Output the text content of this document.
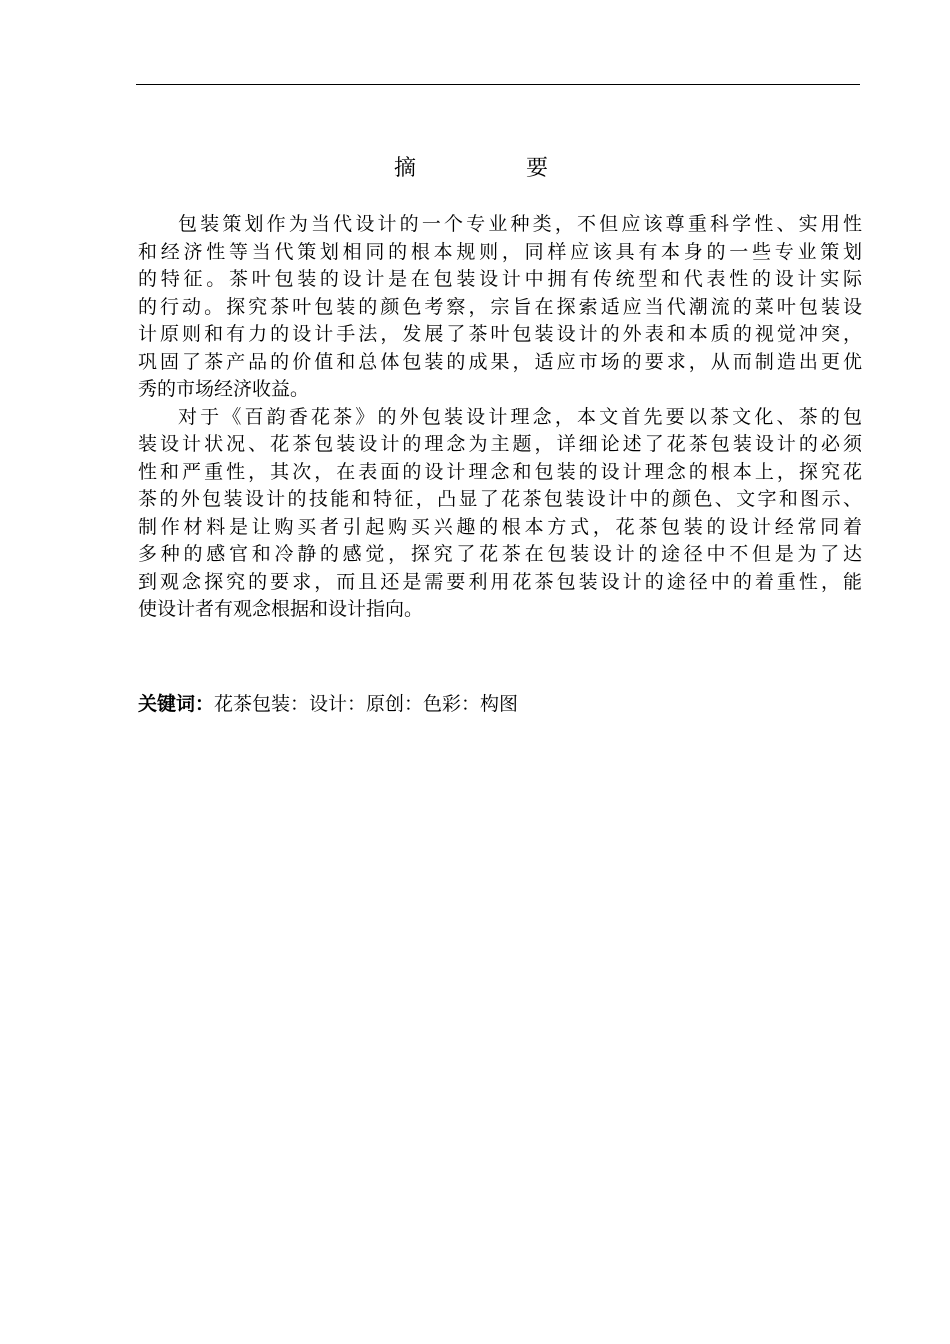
摘　要
包装策划作为当代设计的一个专业种类，不但应该尊重科学性、实用性
和经济性等当代策划相同的根本规则，同样应该具有本身的一些专业策划
的特征。茶叶包装的设计是在包装设计中拥有传统型和代表性的设计实际
的行动。探究茶叶包装的颜色考察，宗旨在探索适应当代潮流的菜叶包装设
计原则和有力的设计手法，发展了茶叶包装设计的外表和本质的视觉冲突，
巩固了茶产品的价值和总体包装的成果，适应市场的要求，从而制造出更优
秀的市场经济收益。
对于《百韵香花茶》的外包装设计理念，本文首先要以茶文化、茶的包
装设计状况、花茶包装设计的理念为主题，详细论述了花茶包装设计的必须
性和严重性，其次，在表面的设计理念和包装的设计理念的根本上，探究花
茶的外包装设计的技能和特征，凸显了花茶包装设计中的颜色、文字和图示、
制作材料是让购买者引起购买兴趣的根本方式，花茶包装的设计经常同着
多种的感官和冷静的感觉，探究了花茶在包装设计的途径中不但是为了达
到观念探究的要求，而且还是需要利用花茶包装设计的途径中的着重性，能
使设计者有观念根据和设计指向。
关键词：花茶包装：设计：原创：色彩：构图
